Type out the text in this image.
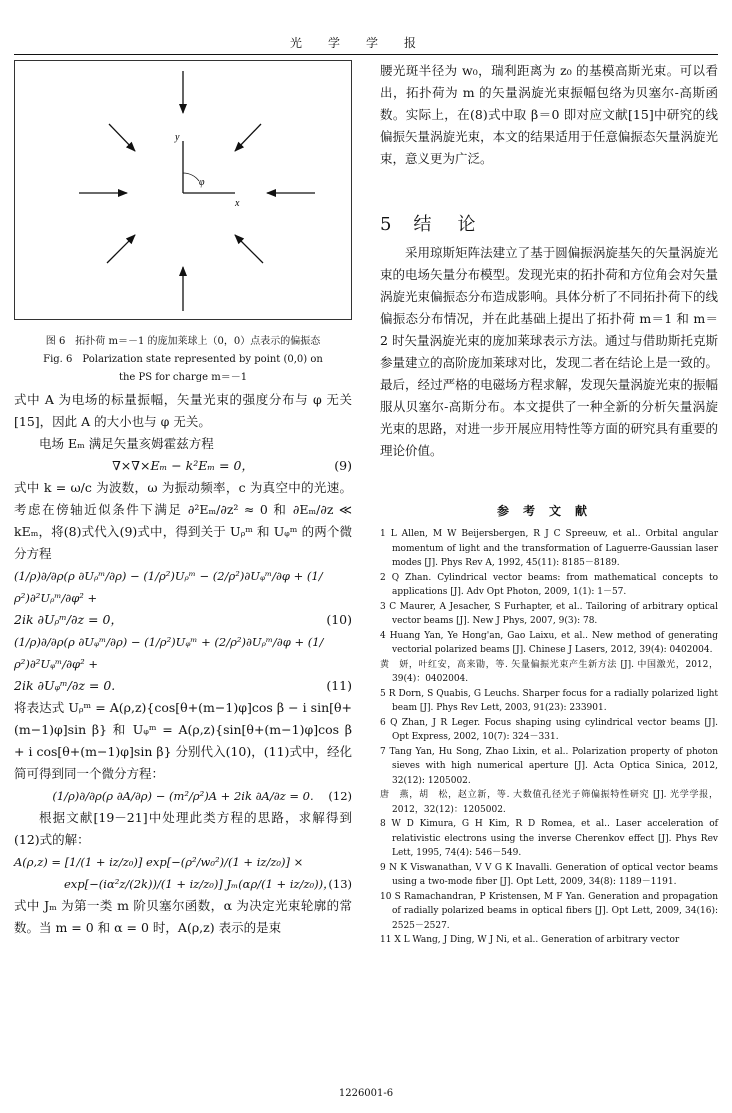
光学学报
y
x
φ
图 6　拓扑荷 m＝－1 的庞加莱球上（0，0）点表示的偏振态
Fig. 6　Polarization state represented by point (0,0) on
the PS for charge m＝－1

式中 A 为电场的标量振幅，矢量光束的强度分布与 φ 无关[15]，因此 A 的大小也与 φ 无关。

电场 Eₘ 满足矢量亥姆霍兹方程

∇×∇×Eₘ − k²Eₘ = 0，	(9)

式中 k = ω/c 为波数，ω 为振动频率，c 为真空中的光速。考虑在傍轴近似条件下满足 ∂²Eₘ/∂z² ≈ 0 和 ∂Eₘ/∂z ≪ kEₘ，将(8)式代入(9)式中，得到关于 Uᵨᵐ 和 Uᵩᵐ 的两个微分方程

(1/ρ)∂/∂ρ(ρ ∂Uᵨᵐ/∂ρ) − (1/ρ²)Uᵨᵐ − (2/ρ²)∂Uᵩᵐ/∂φ + (1/ρ²)∂²Uᵨᵐ/∂φ² +
2ik ∂Uᵨᵐ/∂z = 0，	(10)
(1/ρ)∂/∂ρ(ρ ∂Uᵩᵐ/∂ρ) − (1/ρ²)Uᵩᵐ + (2/ρ²)∂Uᵨᵐ/∂φ + (1/ρ²)∂²Uᵩᵐ/∂φ² +
2ik ∂Uᵩᵐ/∂z = 0.	(11)

将表达式 Uᵨᵐ = A(ρ,z){cos[θ+(m−1)φ]cos β − i sin[θ+(m−1)φ]sin β} 和 Uᵩᵐ = A(ρ,z){sin[θ+(m−1)φ]cos β + i cos[θ+(m−1)φ]sin β} 分别代入(10)，(11)式中，经化简可得到同一个微分方程：

(1/ρ)∂/∂ρ(ρ ∂A/∂ρ) − (m²/ρ²)A + 2ik ∂A/∂z = 0. (12)

根据文献[19－21]中处理此类方程的思路，求解得到(12)式的解：

A(ρ,z) = [1/(1 + iz/z₀)] exp[−(ρ²/w₀²)/(1 + iz/z₀)] ×
exp[−(iα²z/(2k))/(1 + iz/z₀)] Jₘ(αρ/(1 + iz/z₀))，
(13)

式中 Jₘ 为第一类 m 阶贝塞尔函数，α 为决定光束轮廓的常数。当 m = 0 和 α = 0 时，A(ρ,z) 表示的是束

腰光斑半径为 w₀，瑞利距离为 z₀ 的基模高斯光束。可以看出，拓扑荷为 m 的矢量涡旋光束振幅包络为贝塞尔-高斯函数。实际上，在(8)式中取 β＝0 即对应文献[15]中研究的线偏振矢量涡旋光束，本文的结果适用于任意偏振态矢量涡旋光束，意义更为广泛。

5 结　论

采用琼斯矩阵法建立了基于圆偏振涡旋基矢的矢量涡旋光束的电场矢量分布模型。发现光束的拓扑荷和方位角会对矢量涡旋光束偏振态分布造成影响。具体分析了不同拓扑荷下的线偏振态分布情况，并在此基础上提出了拓扑荷 m＝1 和 m＝2 时矢量涡旋光束的庞加莱球表示方法。通过与借助斯托克斯参量建立的高阶庞加莱球对比，发现二者在结论上是一致的。最后，经过严格的电磁场方程求解，发现矢量涡旋光束的振幅服从贝塞尔-高斯分布。本文提供了一种全新的分析矢量涡旋光束的思路，对进一步开展应用特性等方面的研究具有重要的理论价值。

参考文献
1 L Allen, M W Beijersbergen, R J C Spreeuw, et al.. Orbital angular momentum of light and the transformation of Laguerre-Gaussian laser modes [J]. Phys Rev A, 1992, 45(11): 8185－8189.
2 Q Zhan. Cylindrical vector beams: from mathematical concepts to applications [J]. Adv Opt Photon, 2009, 1(1): 1－57.
3 C Maurer, A Jesacher, S Furhapter, et al.. Tailoring of arbitrary optical vector beams [J]. New J Phys, 2007, 9(3): 78.
4 Huang Yan, Ye Hong'an, Gao Laixu, et al.. New method of generating vectorial polarized beams [J]. Chinese J Lasers, 2012, 39(4): 0402004.
黄　妍，叶红安，高来勖，等. 矢量偏振光束产生新方法 [J]. 中国激光，2012，39(4)：0402004.
5 R Dorn, S Quabis, G Leuchs. Sharper focus for a radially polarized light beam [J]. Phys Rev Lett, 2003, 91(23): 233901.
6 Q Zhan, J R Leger. Focus shaping using cylindrical vector beams [J]. Opt Express, 2002, 10(7): 324－331.
7 Tang Yan, Hu Song, Zhao Lixin, et al.. Polarization property of photon sieves with high numerical aperture [J]. Acta Optica Sinica, 2012, 32(12): 1205002.
唐　燕，胡　松，赵立新，等. 大数值孔径光子筛偏振特性研究 [J]. 光学学报，2012，32(12)：1205002.
8 W D Kimura, G H Kim, R D Romea, et al.. Laser acceleration of relativistic electrons using the inverse Cherenkov effect [J]. Phys Rev Lett, 1995, 74(4): 546－549.
9 N K Viswanathan, V V G K Inavalli. Generation of optical vector beams using a two-mode fiber [J]. Opt Lett, 2009, 34(8): 1189－1191.
10 S Ramachandran, P Kristensen, M F Yan. Generation and propagation of radially polarized beams in optical fibers [J]. Opt Lett, 2009, 34(16): 2525－2527.
11 X L Wang, J Ding, W J Ni, et al.. Generation of arbitrary vector
1226001-6
